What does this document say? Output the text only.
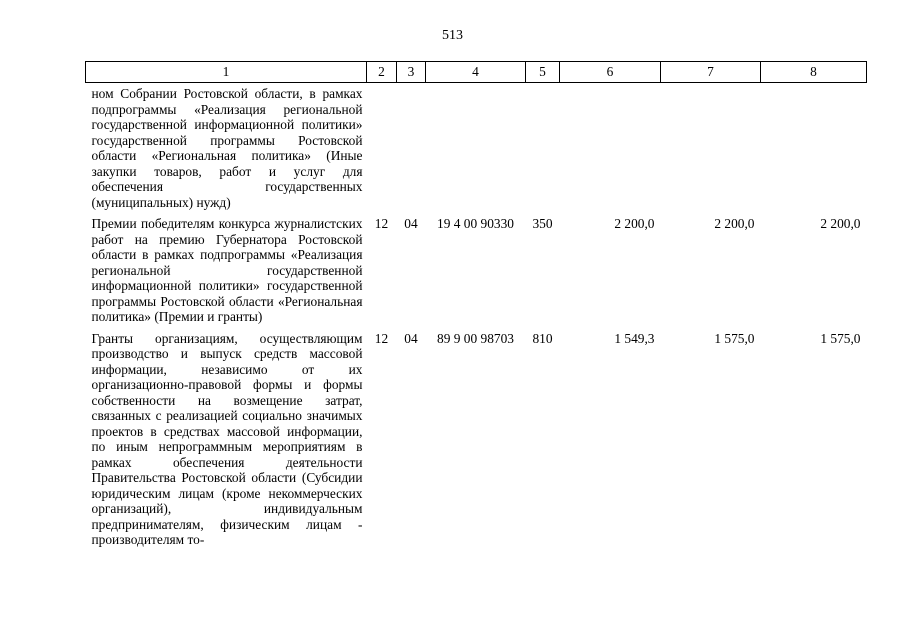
513
1	2	3	4	5	6	7	8

ном Собрании Ростовской области, в рамках подпрограммы «Реализация региональной государственной информационной политики» государственной программы Ростовской области «Региональная политика» (Иные закупки товаров, работ и услуг для обеспечения государственных (муниципальных) нужд)							
Премии победителям конкурса журналистских работ на премию Губернатора Ростовской области в рамках подпрограммы «Реализация региональной государственной информационной политики» государственной программы Ростовской области «Региональная политика» (Премии и гранты)	12	04	19 4 00 90330	350	2 200,0	2 200,0	2 200,0
Гранты организациям, осуществляющим производство и выпуск средств массовой информации, независимо от их организационно-правовой формы и формы собственности на возмещение затрат, связанных с реализацией социально значимых проектов в средствах массовой информации, по иным непрограммным мероприятиям в рамках обеспечения деятельности Правительства Ростовской области (Субсидии юридическим лицам (кроме некоммерческих организаций), индивидуальным предпринимателям, физическим лицам - производителям то-	12	04	89 9 00 98703	810	1 549,3	1 575,0	1 575,0
